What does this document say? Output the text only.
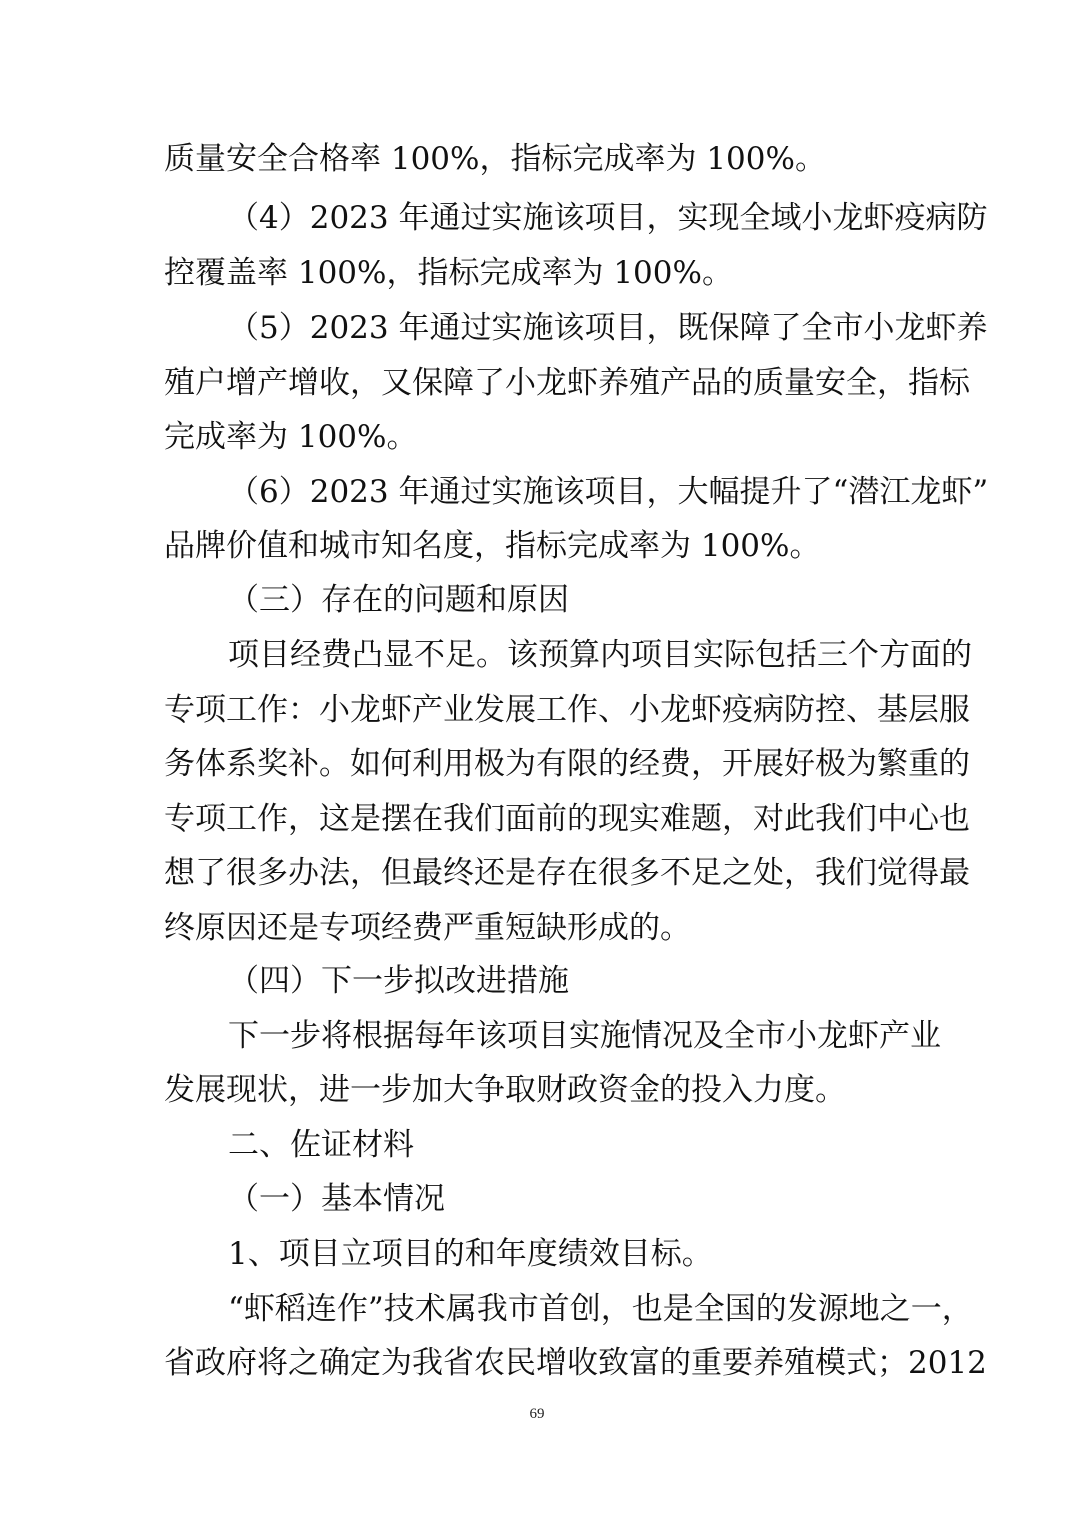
质量安全合格率 100%，指标完成率为 100%。
（4）2023 年通过实施该项目，实现全域小龙虾疫病防
控覆盖率 100%，指标完成率为 100%。
（5）2023 年通过实施该项目，既保障了全市小龙虾养
殖户增产增收，又保障了小龙虾养殖产品的质量安全，指标
完成率为 100%。
（6）2023 年通过实施该项目，大幅提升了“潜江龙虾”
品牌价值和城市知名度，指标完成率为 100%。
（三）存在的问题和原因
项目经费凸显不足。该预算内项目实际包括三个方面的
专项工作：小龙虾产业发展工作、小龙虾疫病防控、基层服
务体系奖补。如何利用极为有限的经费，开展好极为繁重的
专项工作，这是摆在我们面前的现实难题，对此我们中心也
想了很多办法，但最终还是存在很多不足之处，我们觉得最
终原因还是专项经费严重短缺形成的。
（四）下一步拟改进措施
下一步将根据每年该项目实施情况及全市小龙虾产业
发展现状，进一步加大争取财政资金的投入力度。
二、佐证材料
（一）基本情况
1、项目立项目的和年度绩效目标。
“虾稻连作”技术属我市首创，也是全国的发源地之一，
省政府将之确定为我省农民增收致富的重要养殖模式；2012
69
